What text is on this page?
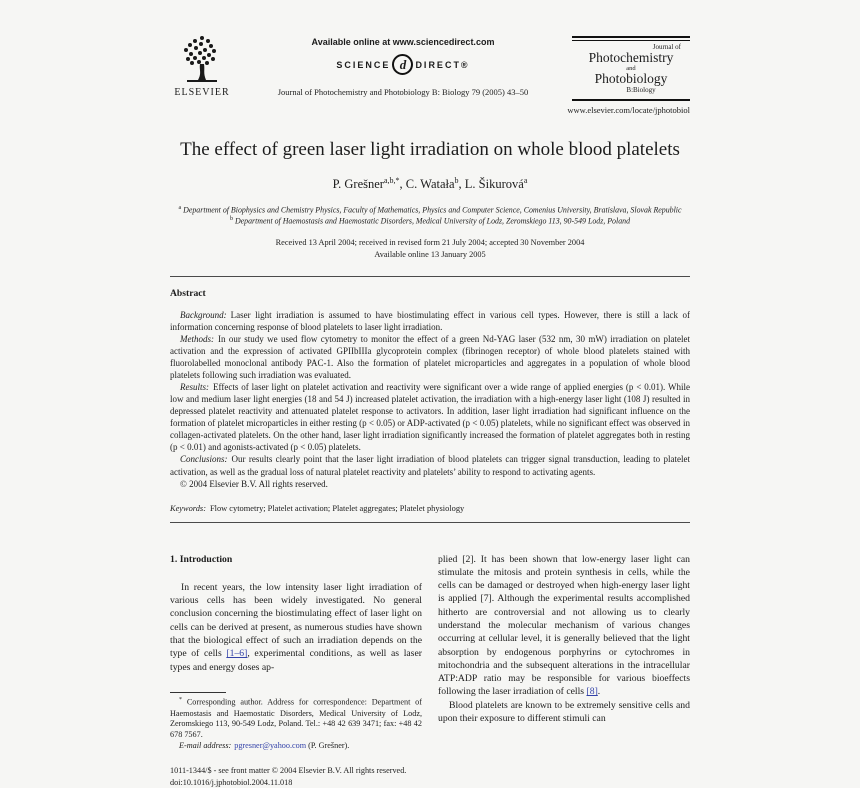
ELSEVIER
Available online at www.sciencedirect.com
SCIENCE d	DIRECT®
Journal of Photochemistry and Photobiology B: Biology 79 (2005) 43–50
Journal of
Photochemistry
and
Photobiology
B:Biology
www.elsevier.com/locate/jphotobiol
The effect of green laser light irradiation on whole blood platelets
P. Grešner$^{a,b,*}$, C. Watała$^b$, L. Šikurová$^a$
$^a$ Department of Biophysics and Chemistry Physics, Faculty of Mathematics, Physics and Computer Science, Comenius University, Bratislava, Slovak Republic
$^b$ Department of Haemostasis and Haemostatic Disorders, Medical University of Lodz, Zeromskiego 113, 90-549 Lodz, Poland
Received 13 April 2004; received in revised form 21 July 2004; accepted 30 November 2004
Available online 13 January 2005
Abstract

Background: Laser light irradiation is assumed to have biostimulating effect in various cell types. However, there is still a lack of information concerning response of blood platelets to laser light irradiation.

Methods: In our study we used flow cytometry to monitor the effect of a green Nd-YAG laser (532 nm, 30 mW) irradiation on platelet activation and the expression of activated GPIIbIIIa glycoprotein complex (fibrinogen receptor) of whole blood platelets stained with fluorolabelled monoclonal antibody PAC-1. Also the formation of platelet microparticles and aggregates in a population of whole blood platelets following such irradiation was evaluated.

Results: Effects of laser light on platelet activation and reactivity were significant over a wide range of applied energies (p < 0.01). While low and medium laser light energies (18 and 54 J) increased platelet activation, the irradiation with a high-energy laser light (108 J) resulted in depressed platelet reactivity and attenuated platelet response to activators. In addition, laser light irradiation had significant influence on the formation of platelet microparticles in either resting (p < 0.05) or ADP-activated (p < 0.05) platelets, while no significant effect was observed in collagen-activated platelets. On the other hand, laser light irradiation significantly increased the formation of platelet aggregates both in resting (p < 0.01) and agonists-activated (p < 0.05) platelets.

Conclusions: Our results clearly point that the laser light irradiation of blood platelets can trigger signal transduction, leading to platelet activation, as well as the gradual loss of natural platelet reactivity and platelets’ ability to respond to activating agents.

© 2004 Elsevier B.V. All rights reserved.

Keywords: Flow cytometry; Platelet activation; Platelet aggregates; Platelet physiology
1. Introduction

In recent years, the low intensity laser light irradiation of various cells has been widely investigated. No general conclusion concerning the biostimulating effect of laser light on cells can be derived at present, as numerous studies have shown that the biological effect of such an irradiation depends on the type of cells [1–6], experimental conditions, as well as laser types and energy doses ap-

* Corresponding author. Address for correspondence: Department of Haemostasis and Haemostatic Disorders, Medical University of Lodz, Zeromskiego 113, 90-549 Lodz, Poland. Tel.: +48 42 639 3471; fax: +48 42 678 7567.
E-mail address: pgresner@yahoo.com (P. Grešner).
1011-1344/$ - see front matter © 2004 Elsevier B.V. All rights reserved.
doi:10.1016/j.jphotobiol.2004.11.018

plied [2]. It has been shown that low-energy laser light can stimulate the mitosis and protein synthesis in cells, while the cells can be damaged or destroyed when high-energy laser light is applied [7]. Although the experimental results accomplished hitherto are controversial and not allowing us to clearly understand the molecular mechanism of various changes occurring at cellular level, it is generally believed that the light absorption by endogenous porphyrins or cytochromes in mitochondria and the subsequent alterations in the intracellular ATP:ADP ratio may be responsible for various bioeffects following the laser irradiation of cells [8].

Blood platelets are known to be extremely sensitive cells and upon their exposure to different stimuli can
